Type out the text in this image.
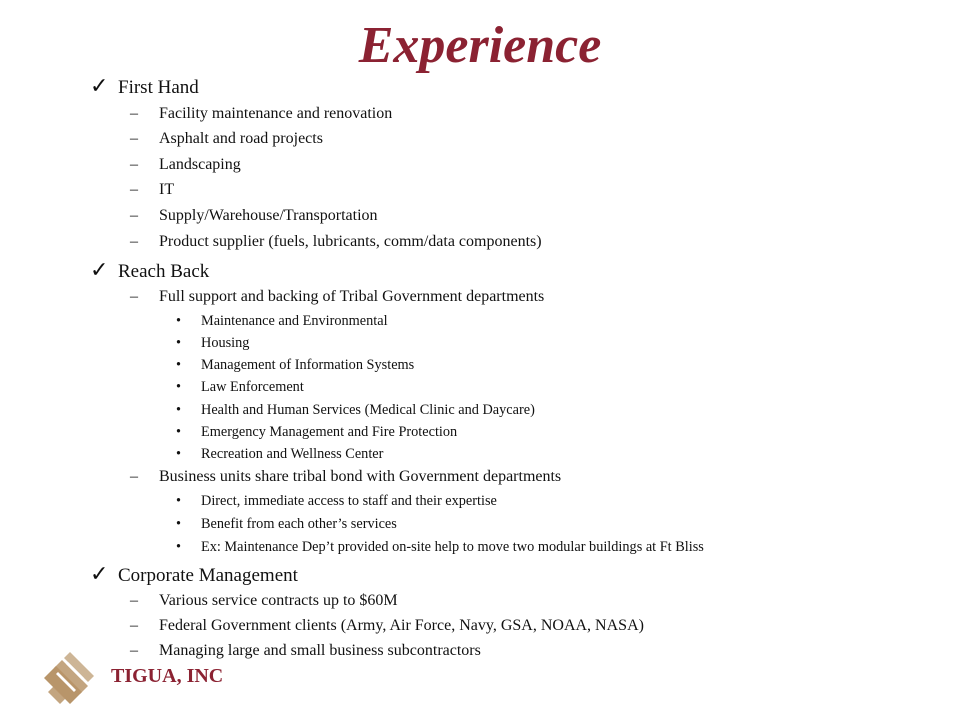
Experience
✓ First Hand
– Facility maintenance and renovation
– Asphalt and road projects
– Landscaping
– IT
– Supply/Warehouse/Transportation
– Product supplier (fuels, lubricants, comm/data components)
✓ Reach Back
– Full support and backing of Tribal Government departments
• Maintenance and Environmental
• Housing
• Management of Information Systems
• Law Enforcement
• Health and Human Services (Medical Clinic and Daycare)
• Emergency Management and Fire Protection
• Recreation and Wellness Center
– Business units share tribal bond with Government departments
• Direct, immediate access to staff and their expertise
• Benefit from each other’s services
• Ex: Maintenance Dep’t provided on-site help to move two modular buildings at Ft Bliss
✓ Corporate Management
– Various service contracts up to $60M
– Federal Government clients (Army, Air Force, Navy, GSA, NOAA, NASA)
– Managing large and small business subcontractors
TIGUA, INC
